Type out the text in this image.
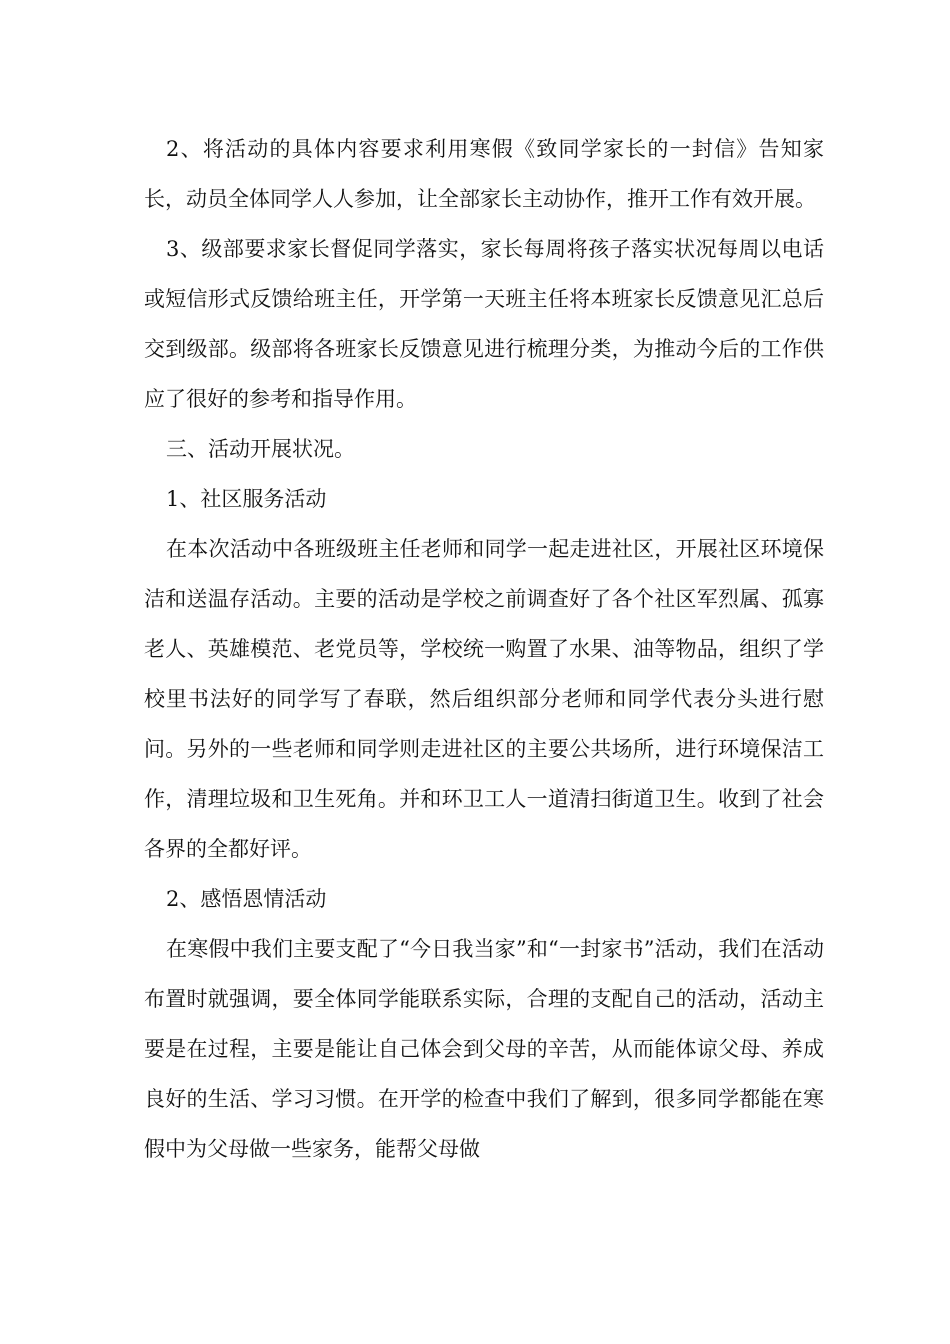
2、将活动的具体内容要求利用寒假《致同学家长的一封信》告知家长，动员全体同学人人参加，让全部家长主动协作，推开工作有效开展。

3、级部要求家长督促同学落实，家长每周将孩子落实状况每周以电话或短信形式反馈给班主任，开学第一天班主任将本班家长反馈意见汇总后交到级部。级部将各班家长反馈意见进行梳理分类，为推动今后的工作供应了很好的参考和指导作用。

三、活动开展状况。

1、社区服务活动

在本次活动中各班级班主任老师和同学一起走进社区，开展社区环境保洁和送温存活动。主要的活动是学校之前调查好了各个社区军烈属、孤寡老人、英雄模范、老党员等，学校统一购置了水果、油等物品，组织了学校里书法好的同学写了春联，然后组织部分老师和同学代表分头进行慰问。另外的一些老师和同学则走进社区的主要公共场所，进行环境保洁工作，清理垃圾和卫生死角。并和环卫工人一道清扫街道卫生。收到了社会各界的全都好评。

2、感悟恩情活动

在寒假中我们主要支配了“今日我当家”和“一封家书”活动，我们在活动布置时就强调，要全体同学能联系实际，合理的支配自己的活动，活动主要是在过程，主要是能让自己体会到父母的辛苦，从而能体谅父母、养成良好的生活、学习习惯。在开学的检查中我们了解到，很多同学都能在寒假中为父母做一些家务，能帮父母做
